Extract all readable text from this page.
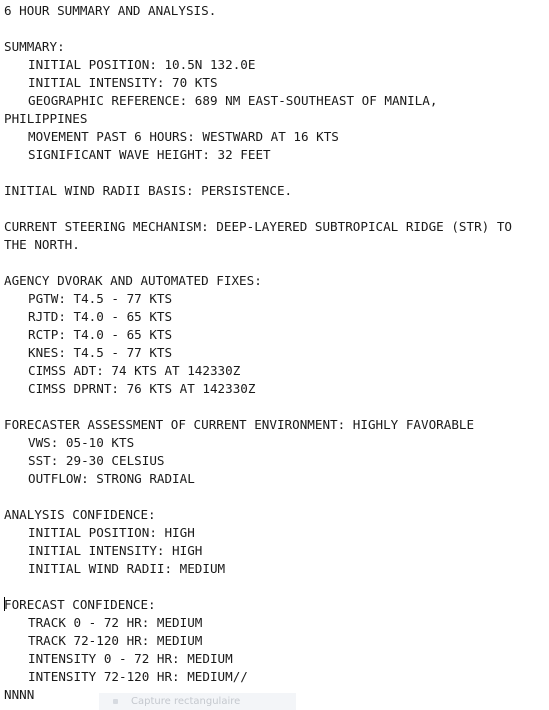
6 HOUR SUMMARY AND ANALYSIS.
SUMMARY:
INITIAL POSITION: 10.5N 132.0E
INITIAL INTENSITY: 70 KTS
GEOGRAPHIC REFERENCE: 689 NM EAST-SOUTHEAST OF MANILA,
PHILIPPINES
MOVEMENT PAST 6 HOURS: WESTWARD AT 16 KTS
SIGNIFICANT WAVE HEIGHT: 32 FEET
INITIAL WIND RADII BASIS: PERSISTENCE.
CURRENT STEERING MECHANISM: DEEP-LAYERED SUBTROPICAL RIDGE (STR) TO
THE NORTH.
AGENCY DVORAK AND AUTOMATED FIXES:
PGTW: T4.5 - 77 KTS
RJTD: T4.0 - 65 KTS
RCTP: T4.0 - 65 KTS
KNES: T4.5 - 77 KTS
CIMSS ADT: 74 KTS AT 142330Z
CIMSS DPRNT: 76 KTS AT 142330Z
FORECASTER ASSESSMENT OF CURRENT ENVIRONMENT: HIGHLY FAVORABLE
VWS: 05-10 KTS
SST: 29-30 CELSIUS
OUTFLOW: STRONG RADIAL
ANALYSIS CONFIDENCE:
INITIAL POSITION: HIGH
INITIAL INTENSITY: HIGH
INITIAL WIND RADII: MEDIUM
FORECAST CONFIDENCE:
TRACK 0 - 72 HR: MEDIUM
TRACK 72-120 HR: MEDIUM
INTENSITY 0 - 72 HR: MEDIUM
INTENSITY 72-120 HR: MEDIUM//
NNNN	Capture rectangulaire
